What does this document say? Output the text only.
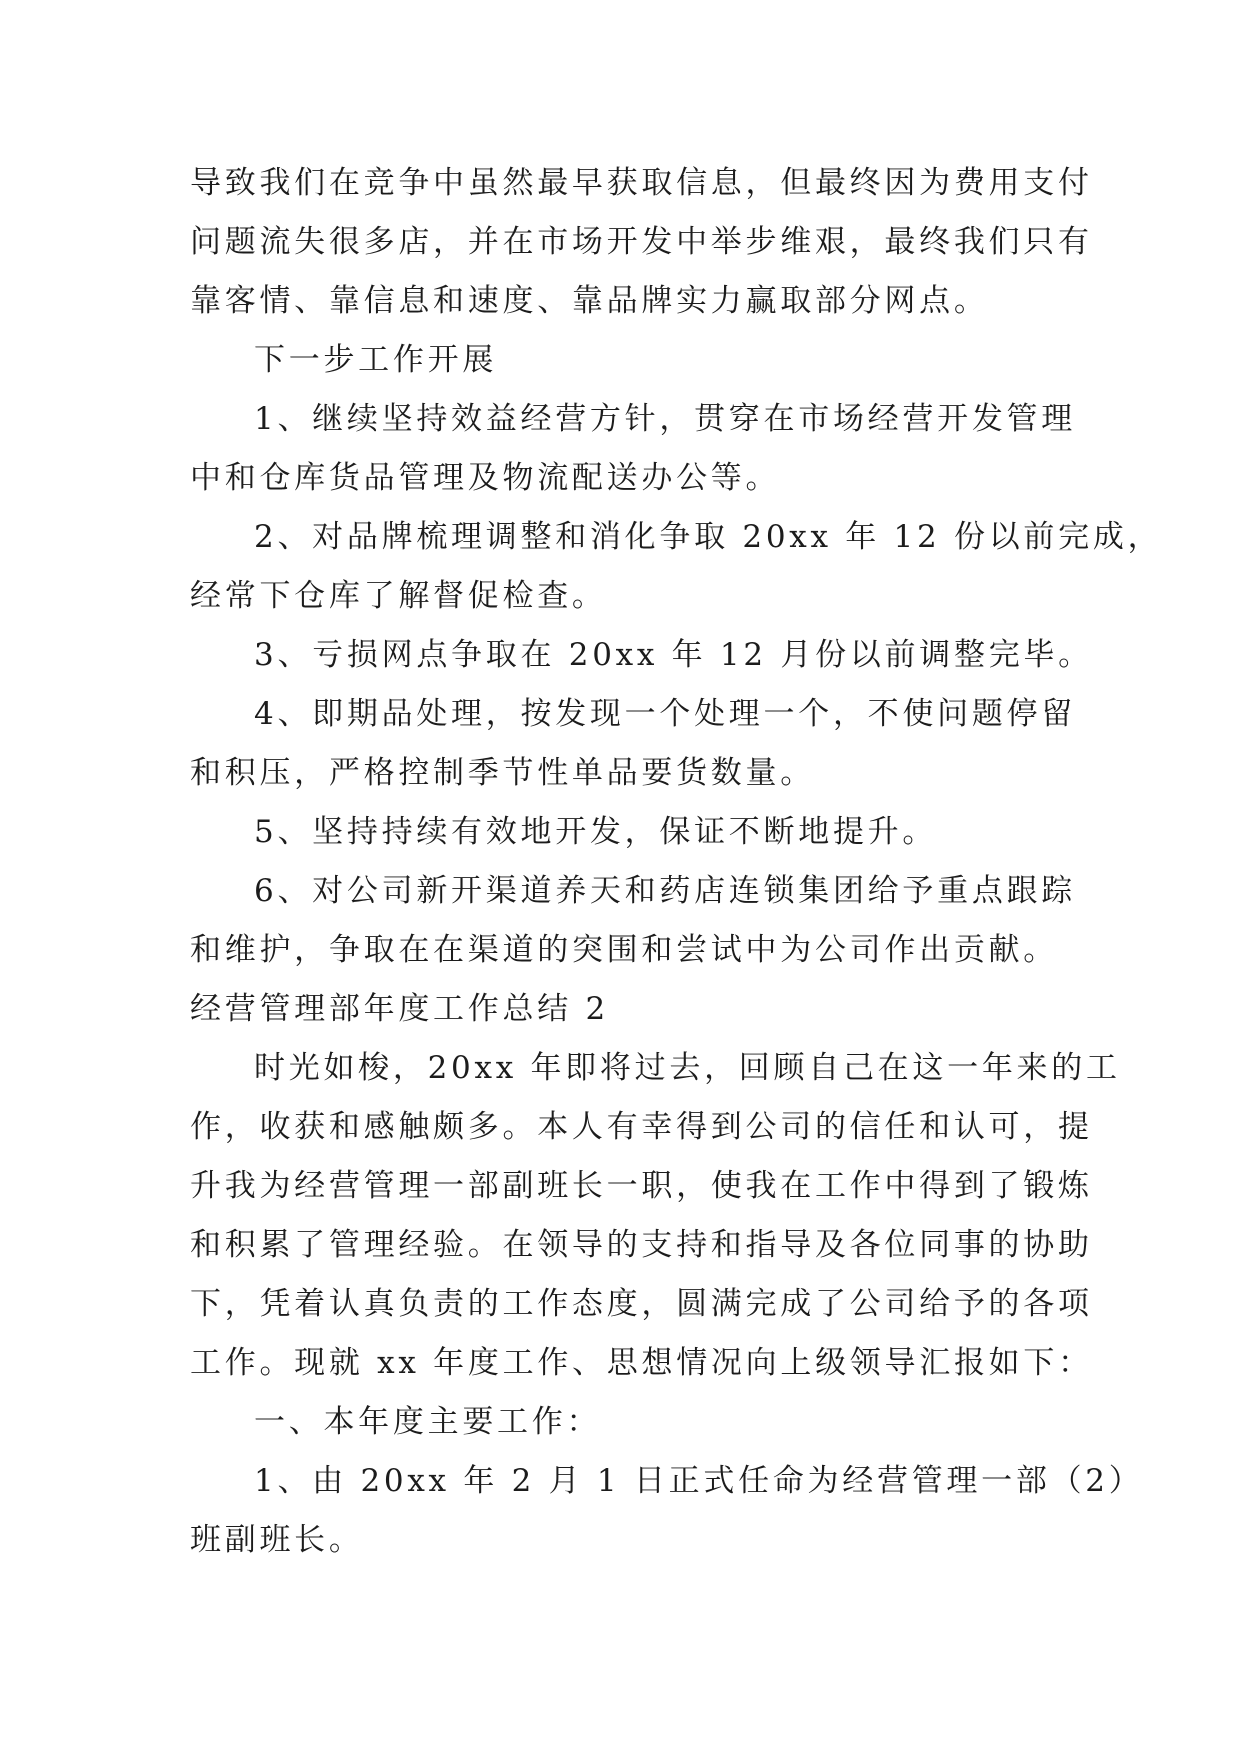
导致我们在竞争中虽然最早获取信息，但最终因为费用支付
问题流失很多店，并在市场开发中举步维艰，最终我们只有
靠客情、靠信息和速度、靠品牌实力赢取部分网点。
下一步工作开展
1、继续坚持效益经营方针，贯穿在市场经营开发管理
中和仓库货品管理及物流配送办公等。
2、对品牌梳理调整和消化争取 20xx 年 12 份以前完成，
经常下仓库了解督促检查。
3、亏损网点争取在 20xx 年 12 月份以前调整完毕。
4、即期品处理，按发现一个处理一个，不使问题停留
和积压，严格控制季节性单品要货数量。
5、坚持持续有效地开发，保证不断地提升。
6、对公司新开渠道养天和药店连锁集团给予重点跟踪
和维护，争取在在渠道的突围和尝试中为公司作出贡献。
经营管理部年度工作总结 2
时光如梭，20xx 年即将过去，回顾自己在这一年来的工
作，收获和感触颇多。本人有幸得到公司的信任和认可，提
升我为经营管理一部副班长一职，使我在工作中得到了锻炼
和积累了管理经验。在领导的支持和指导及各位同事的协助
下，凭着认真负责的工作态度，圆满完成了公司给予的各项
工作。现就 xx 年度工作、思想情况向上级领导汇报如下：
一、本年度主要工作：
1、由 20xx 年 2 月 1 日正式任命为经营管理一部（2）
班副班长。
